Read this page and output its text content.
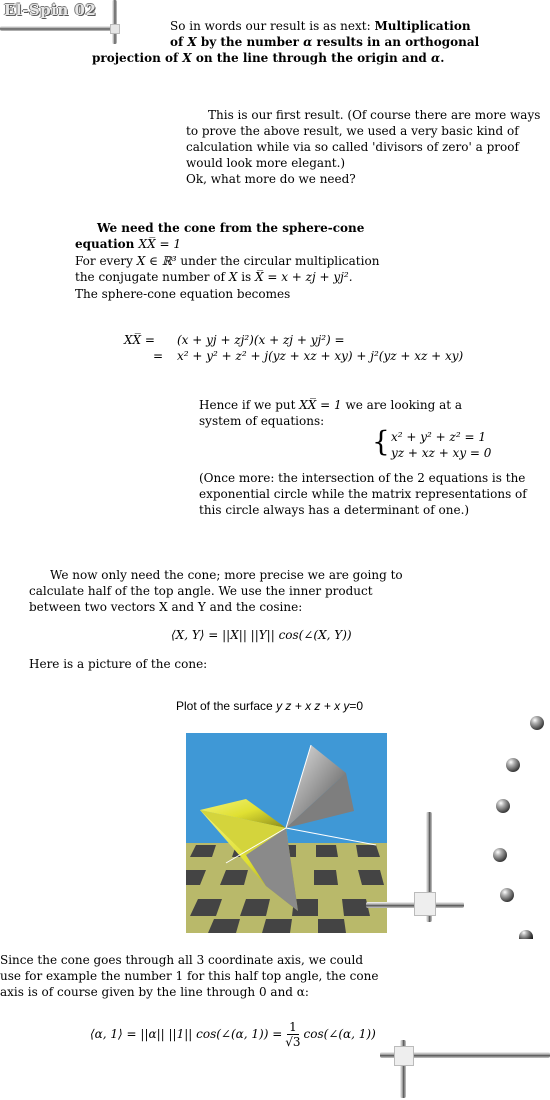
El-Spin 02
So in words our result is as next: Multiplication
of X by the number α results in an orthogonal
projection of X on the line through the origin and α.
This is our first result. (Of course there are more ways
to prove the above result, we used a very basic kind of
calculation while via so called 'divisors of zero' a proof
would look more elegant.)
Ok, what more do we need?
We need the cone from the sphere-cone
equation XX̅ = 1
For every X ∈ ℝ³ under the circular multiplication
the conjugate number of X is X̅ = x + zj + yj².
The sphere-cone equation becomes
XX̅ = (x + yj + zj²)(x + zj + yj²) =
= x² + y² + z² + j(yz + xz + xy) + j²(yz + xz + xy)
Hence if we put XX̅ = 1 we are looking at a
system of equations:
{ x² + y² + z² = 1
yz + xz + xy = 0
(Once more: the intersection of the 2 equations is the
exponential circle while the matrix representations of
this circle always has a determinant of one.)
We now only need the cone; more precise we are going to
calculate half of the top angle. We use the inner product
between two vectors X and Y and the cosine:
⟨X, Y⟩ = ||X|| ||Y|| cos(∠(X, Y))
Here is a picture of the cone:
Plot of the surface y z + x z + x y=0
Since the cone goes through all 3 coordinate axis, we could
use for example the number 1 for this half top angle, the cone
axis is of course given by the line through 0 and α:
⟨α, 1⟩ = ||α|| ||1|| cos(∠(α, $1)) = \frac{1}{√3}$ cos(∠(α, 1))
